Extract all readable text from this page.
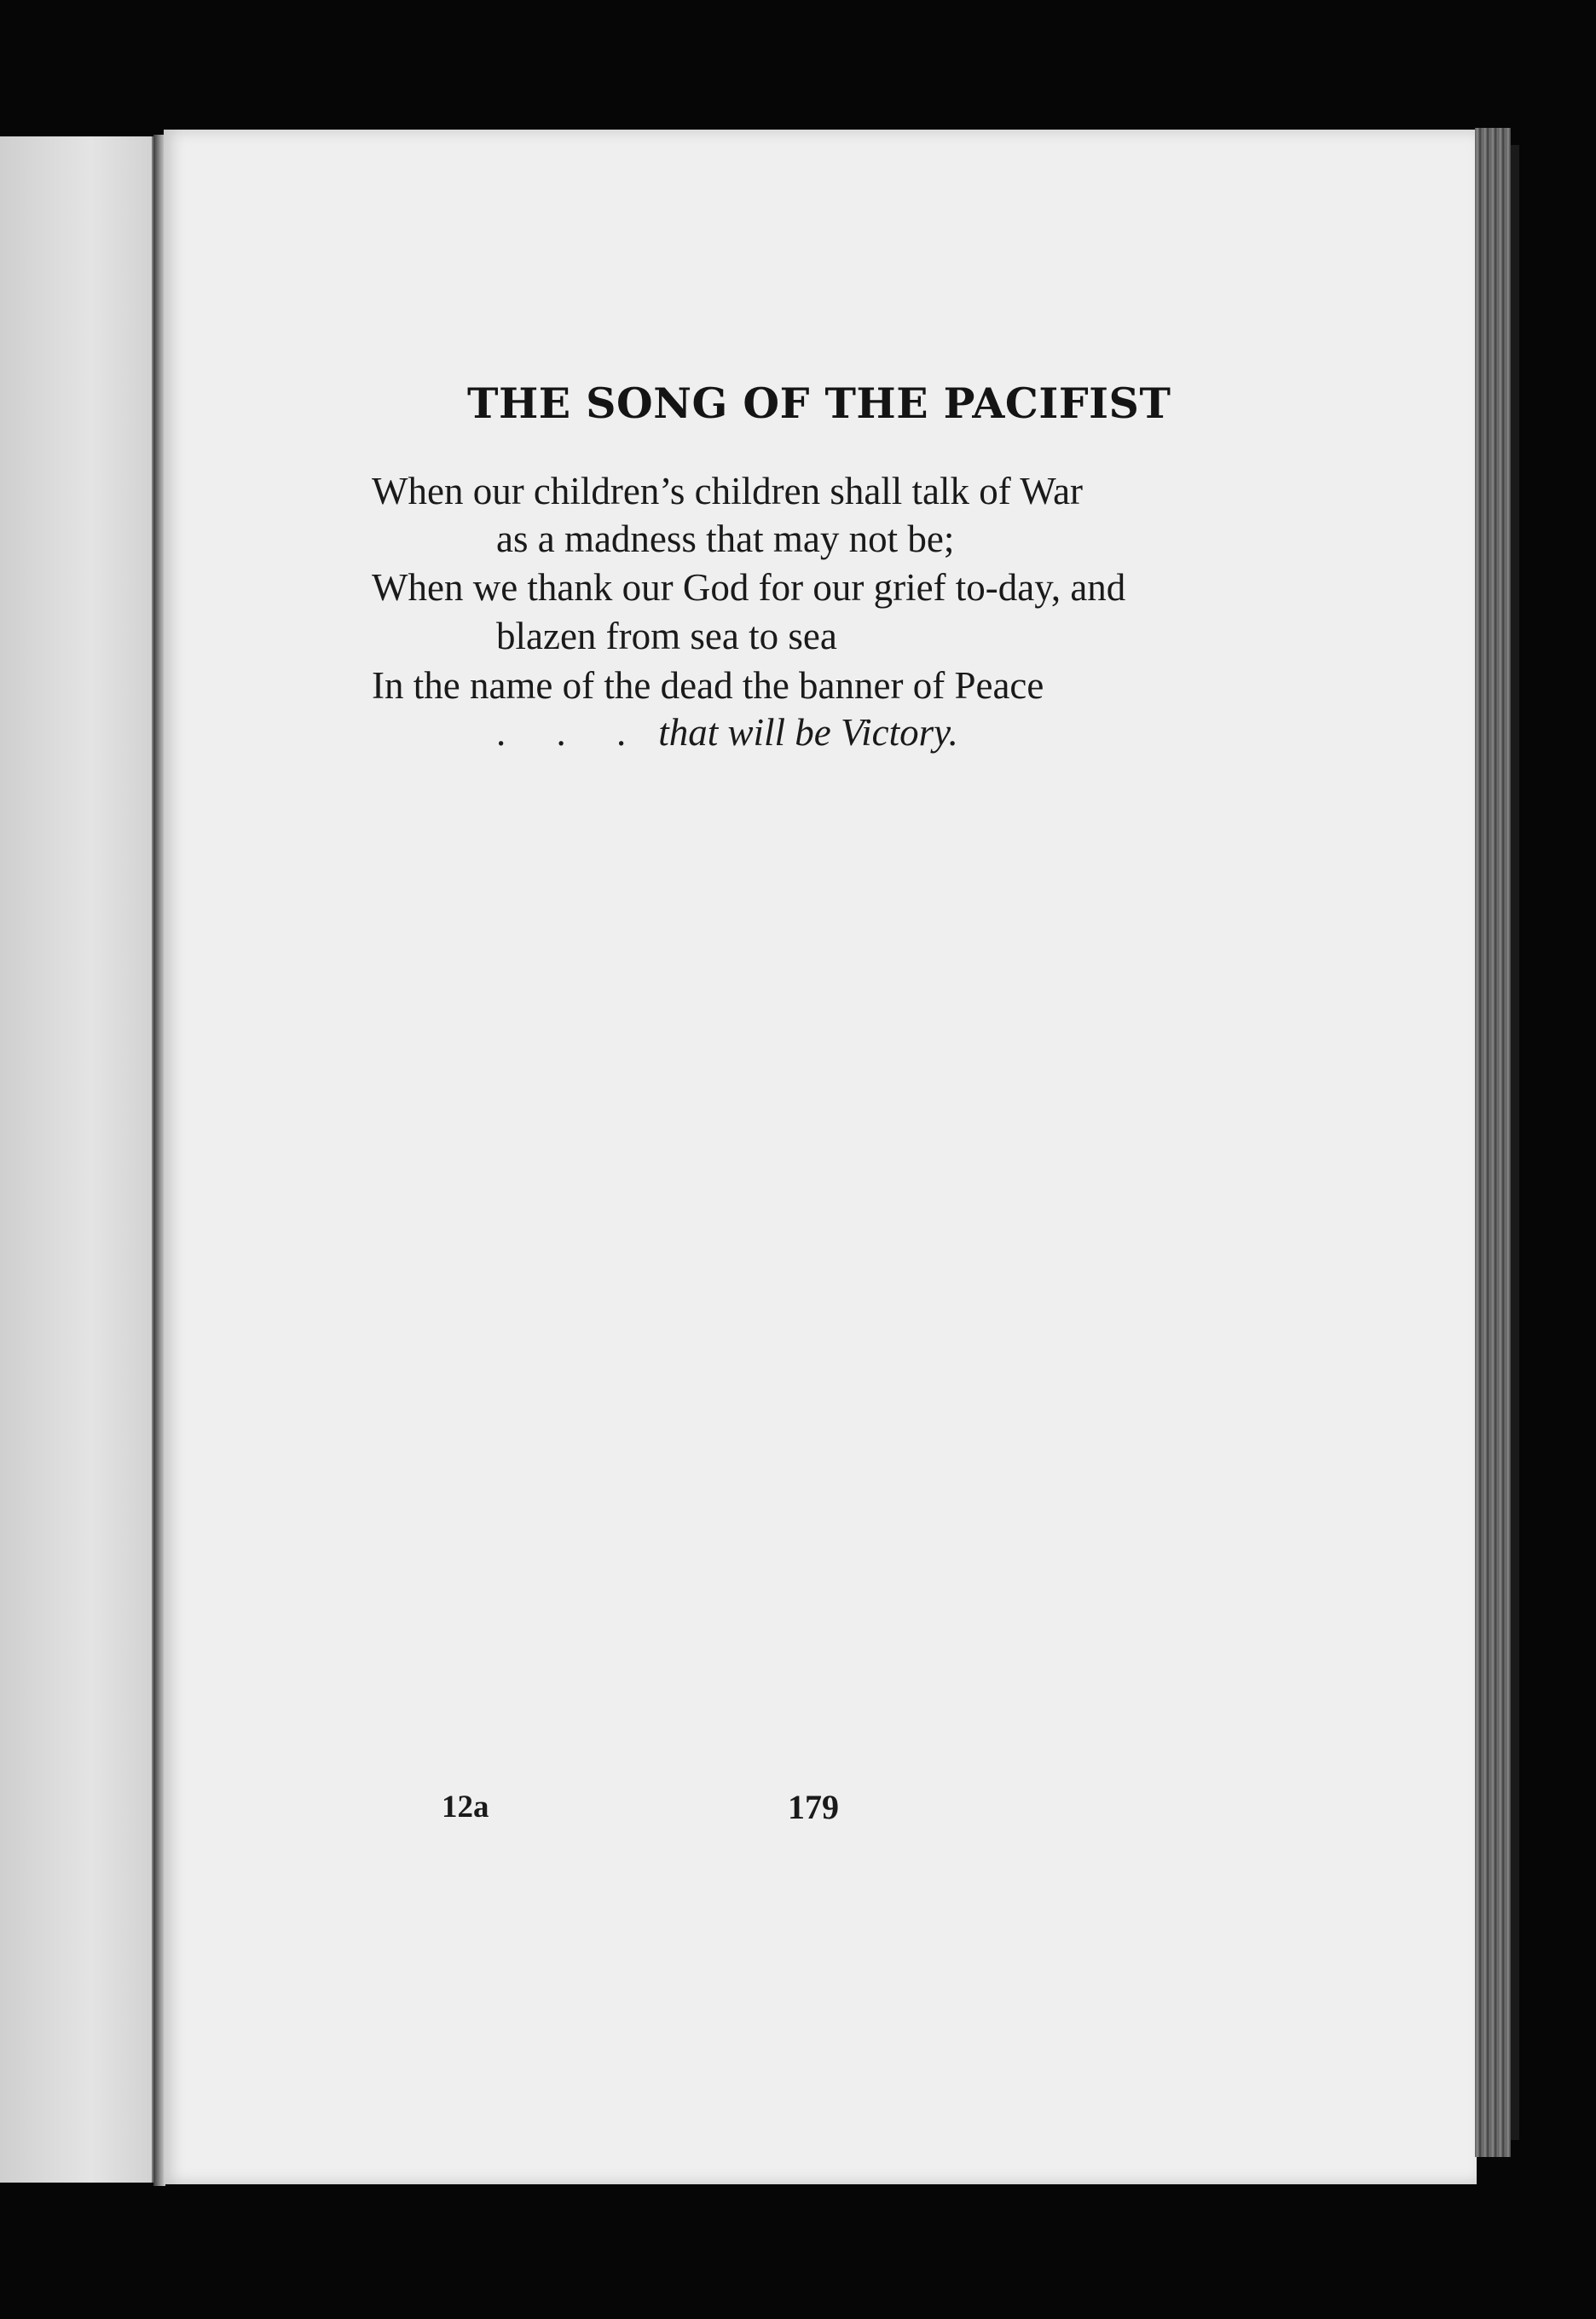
THE SONG OF THE PACIFIST
When our children’s children shall talk of War
as a madness that may not be;
When we thank our God for our grief to-day, and
blazen from sea to sea
In the name of the dead the banner of Peace
. . . that will be Victory.
12a	179
